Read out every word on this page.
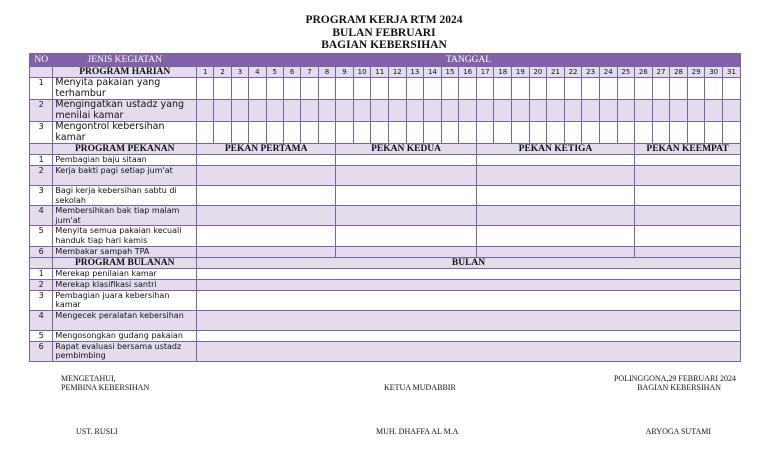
PROGRAM KERJA RTM 2024
BULAN FEBRUARI
BAGIAN KEBERSIHAN
NO	JENIS KEGIATAN	TANGGAL																														
	PROGRAM HARIAN	1	2	3	4	5	6	7	8	9	10	11	12	13	14	15	16	17	18	19	20	21	22	23	24	25	26	27	28	29	30	31
1	Menyita pakaian yang terhambur																															
2	Mengingatkan ustadz yang menilai kamar																															
3	Mengontrol kebersihan kamar																															
	PROGRAM PEKANAN	PEKAN PERTAMA								PEKAN KEDUA								PEKAN KETIGA									PEKAN KEEMPAT					
1	Pembagian baju sitaan																															
2	Kerja bakti pagi setiap jum'at																															
3	Bagi kerja kebersihan sabtu di sekolah																															
4	Membersihkan bak tiap malam jum'at																															
5	Menyita semua pakaian kecuali handuk tiap hari kamis																															
6	Membakar sampah TPA																															
	PROGRAM BULANAN	BULAN																														
1	Merekap penilaian kamar																															
2	Merekap klasifikasi santri																															
3	Pembagian juara kebersihan kamar																															
4	Mengecek peralatan kebersihan																															
5	Mengosongkan gudang pakaian																															
6	Rapat evaluasi bersama ustadz pembimbing																															
MENGETAHUI,
PEMBINA KEBERSIHAN
UST. RUSLI
KETUA MUDABBIR
MUH. DHAFFA AL M.A
POLINGGONA,29 FEBRUARI 2024
BAGIAN KEBERSIHAN
ARYOGA SUTAMI
